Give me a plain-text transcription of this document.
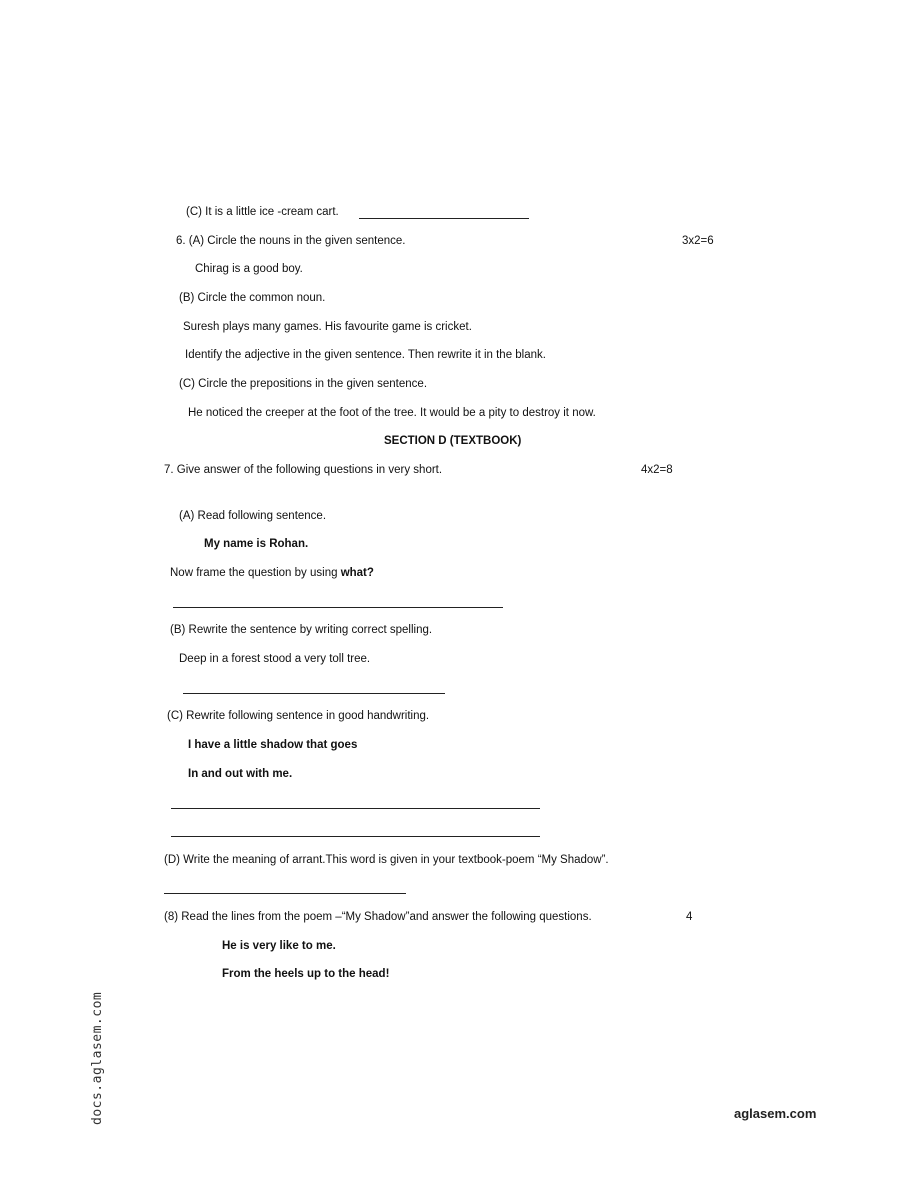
(C) It is a little ice -cream cart.
6. (A) Circle the nouns in the given sentence.	3x2=6
Chirag is a good boy.
(B) Circle the common noun.
Suresh plays many games. His favourite game is cricket.
Identify the adjective in the given sentence. Then rewrite it in the blank.
(C) Circle the prepositions in the given sentence.
He noticed the creeper at the foot of the tree. It would be a pity to destroy it now.
SECTION D (TEXTBOOK)
7. Give answer of the following questions in very short.	4x2=8
(A) Read following sentence.
My name is Rohan.
Now frame the question by using what?
(B) Rewrite the sentence by writing correct spelling.
Deep in a forest stood a very toll tree.
(C) Rewrite following sentence in good handwriting.
I have a little shadow that goes
In and out with me.
(D) Write the meaning of arrant.This word is given in your textbook-poem “My Shadow”.
(8) Read the lines from the poem –“My Shadow”and answer the following questions.	4
He is very like to me.
From the heels up to the head!
docs.aglasem.com	aglasem.com
